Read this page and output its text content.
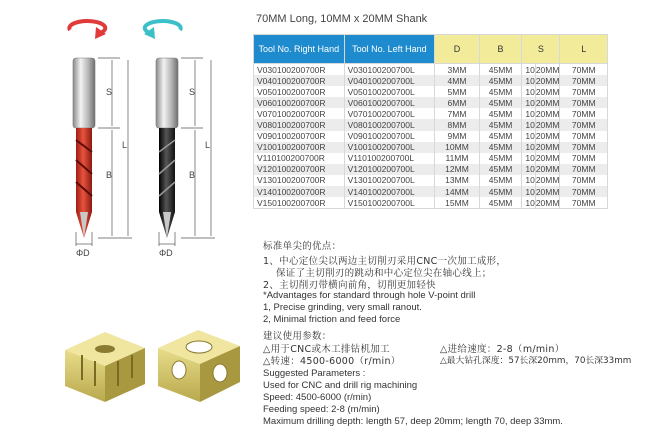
S
L
B
ΦD
S
L
B
ΦD
70MM Long, 10MM x 20MM Shank
Tool No. Right Hand	Tool No. Left Hand	D	B	S		L
V030100200700R	V030100200700L	3MM	45MM	10	20MM	70MM
V040100200700R	V040100200700L	4MM	45MM	10	20MM	70MM
V050100200700R	V050100200700L	5MM	45MM	10	20MM	70MM
V060100200700R	V060100200700L	6MM	45MM	10	20MM	70MM
V070100200700R	V070100200700L	7MM	45MM	10	20MM	70MM
V080100200700R	V080100200700L	8MM	45MM	10	20MM	70MM
V090100200700R	V090100200700L	9MM	45MM	10	20MM	70MM
V100100200700R	V100100200700L	10MM	45MM	10	20MM	70MM
V110100200700R	V110100200700L	11MM	45MM	10	20MM	70MM
V120100200700R	V120100200700L	12MM	45MM	10	20MM	70MM
V130100200700R	V130100200700L	13MM	45MM	10	20MM	70MM
V140100200700R	V140100200700L	14MM	45MM	10	20MM	70MM
V150100200700R	V150100200700L	15MM	45MM	10	20MM	70MM
标准单尖的优点：
1、中心定位尖以两边主切削刃采用CNC一次加工成形，
保证了主切削刃的跳动和中心定位尖在轴心线上；
2、主切削刃带横向前角，切削更加轻快
*Advantages for standard through hole V-point drill
1, Precise grinding, very small ranout.
2, Minimal friction and feed force
建议使用参数：
△用于CNC或木工排钻机加工	△进给速度：2-8（m/min）
△转速：4500-6000（r/min）	△最大钻孔深度：57长深20mm，70长深33mm
Suggested Parameters :
Used for CNC and drill rig machining
Speed: 4500-6000 (r/min)
Feeding speed: 2-8 (m/min)
Maximum drilling depth: length 57, deep 20mm; length 70, deep 33mm.
